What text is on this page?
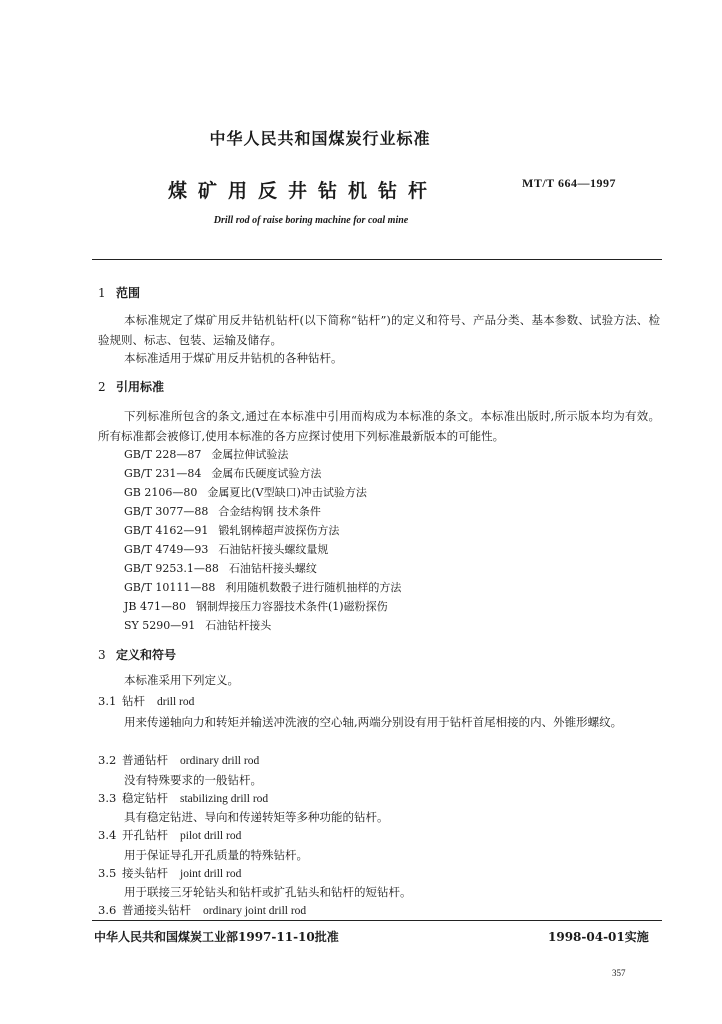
中华人民共和国煤炭行业标准
煤矿用反井钻机钻杆	MT/T 664—1997
Drill rod of raise boring machine for coal mine
1 范围
本标准规定了煤矿用反井钻机钻杆(以下简称“钻杆”)的定义和符号、产品分类、基本参数、试验方法、检验规则、标志、包装、运输及储存。
本标准适用于煤矿用反井钻机的各种钻杆。
2 引用标准
下列标准所包含的条文,通过在本标准中引用而构成为本标准的条文。本标准出版时,所示版本均为有效。所有标准都会被修订,使用本标准的各方应探讨使用下列标准最新版本的可能性。
GB/T 228—87 金属拉伸试验法
GB/T 231—84 金属布氏硬度试验方法
GB 2106—80 金属夏比(V型缺口)冲击试验方法
GB/T 3077—88 合金结构钢 技术条件
GB/T 4162—91 锻轧钢棒超声波探伤方法
GB/T 4749—93 石油钻杆接头螺纹量规
GB/T 9253.1—88 石油钻杆接头螺纹
GB/T 10111—88 利用随机数骰子进行随机抽样的方法
JB 471—80 钢制焊接压力容器技术条件(1)磁粉探伤
SY 5290—91 石油钻杆接头
3 定义和符号
本标准采用下列定义。
3.1 钻杆 drill rod
用来传递轴向力和转矩并输送冲洗液的空心轴,两端分别设有用于钻杆首尾相接的内、外锥形螺纹。
3.2 普通钻杆 ordinary drill rod
没有特殊要求的一般钻杆。
3.3 稳定钻杆 stabilizing drill rod
具有稳定钻进、导向和传递转矩等多种功能的钻杆。
3.4 开孔钻杆 pilot drill rod
用于保证导孔开孔质量的特殊钻杆。
3.5 接头钻杆 joint drill rod
用于联接三牙轮钻头和钻杆或扩孔钻头和钻杆的短钻杆。
3.6 普通接头钻杆 ordinary joint drill rod
中华人民共和国煤炭工业部1997-11-10批准	1998-04-01实施
357
